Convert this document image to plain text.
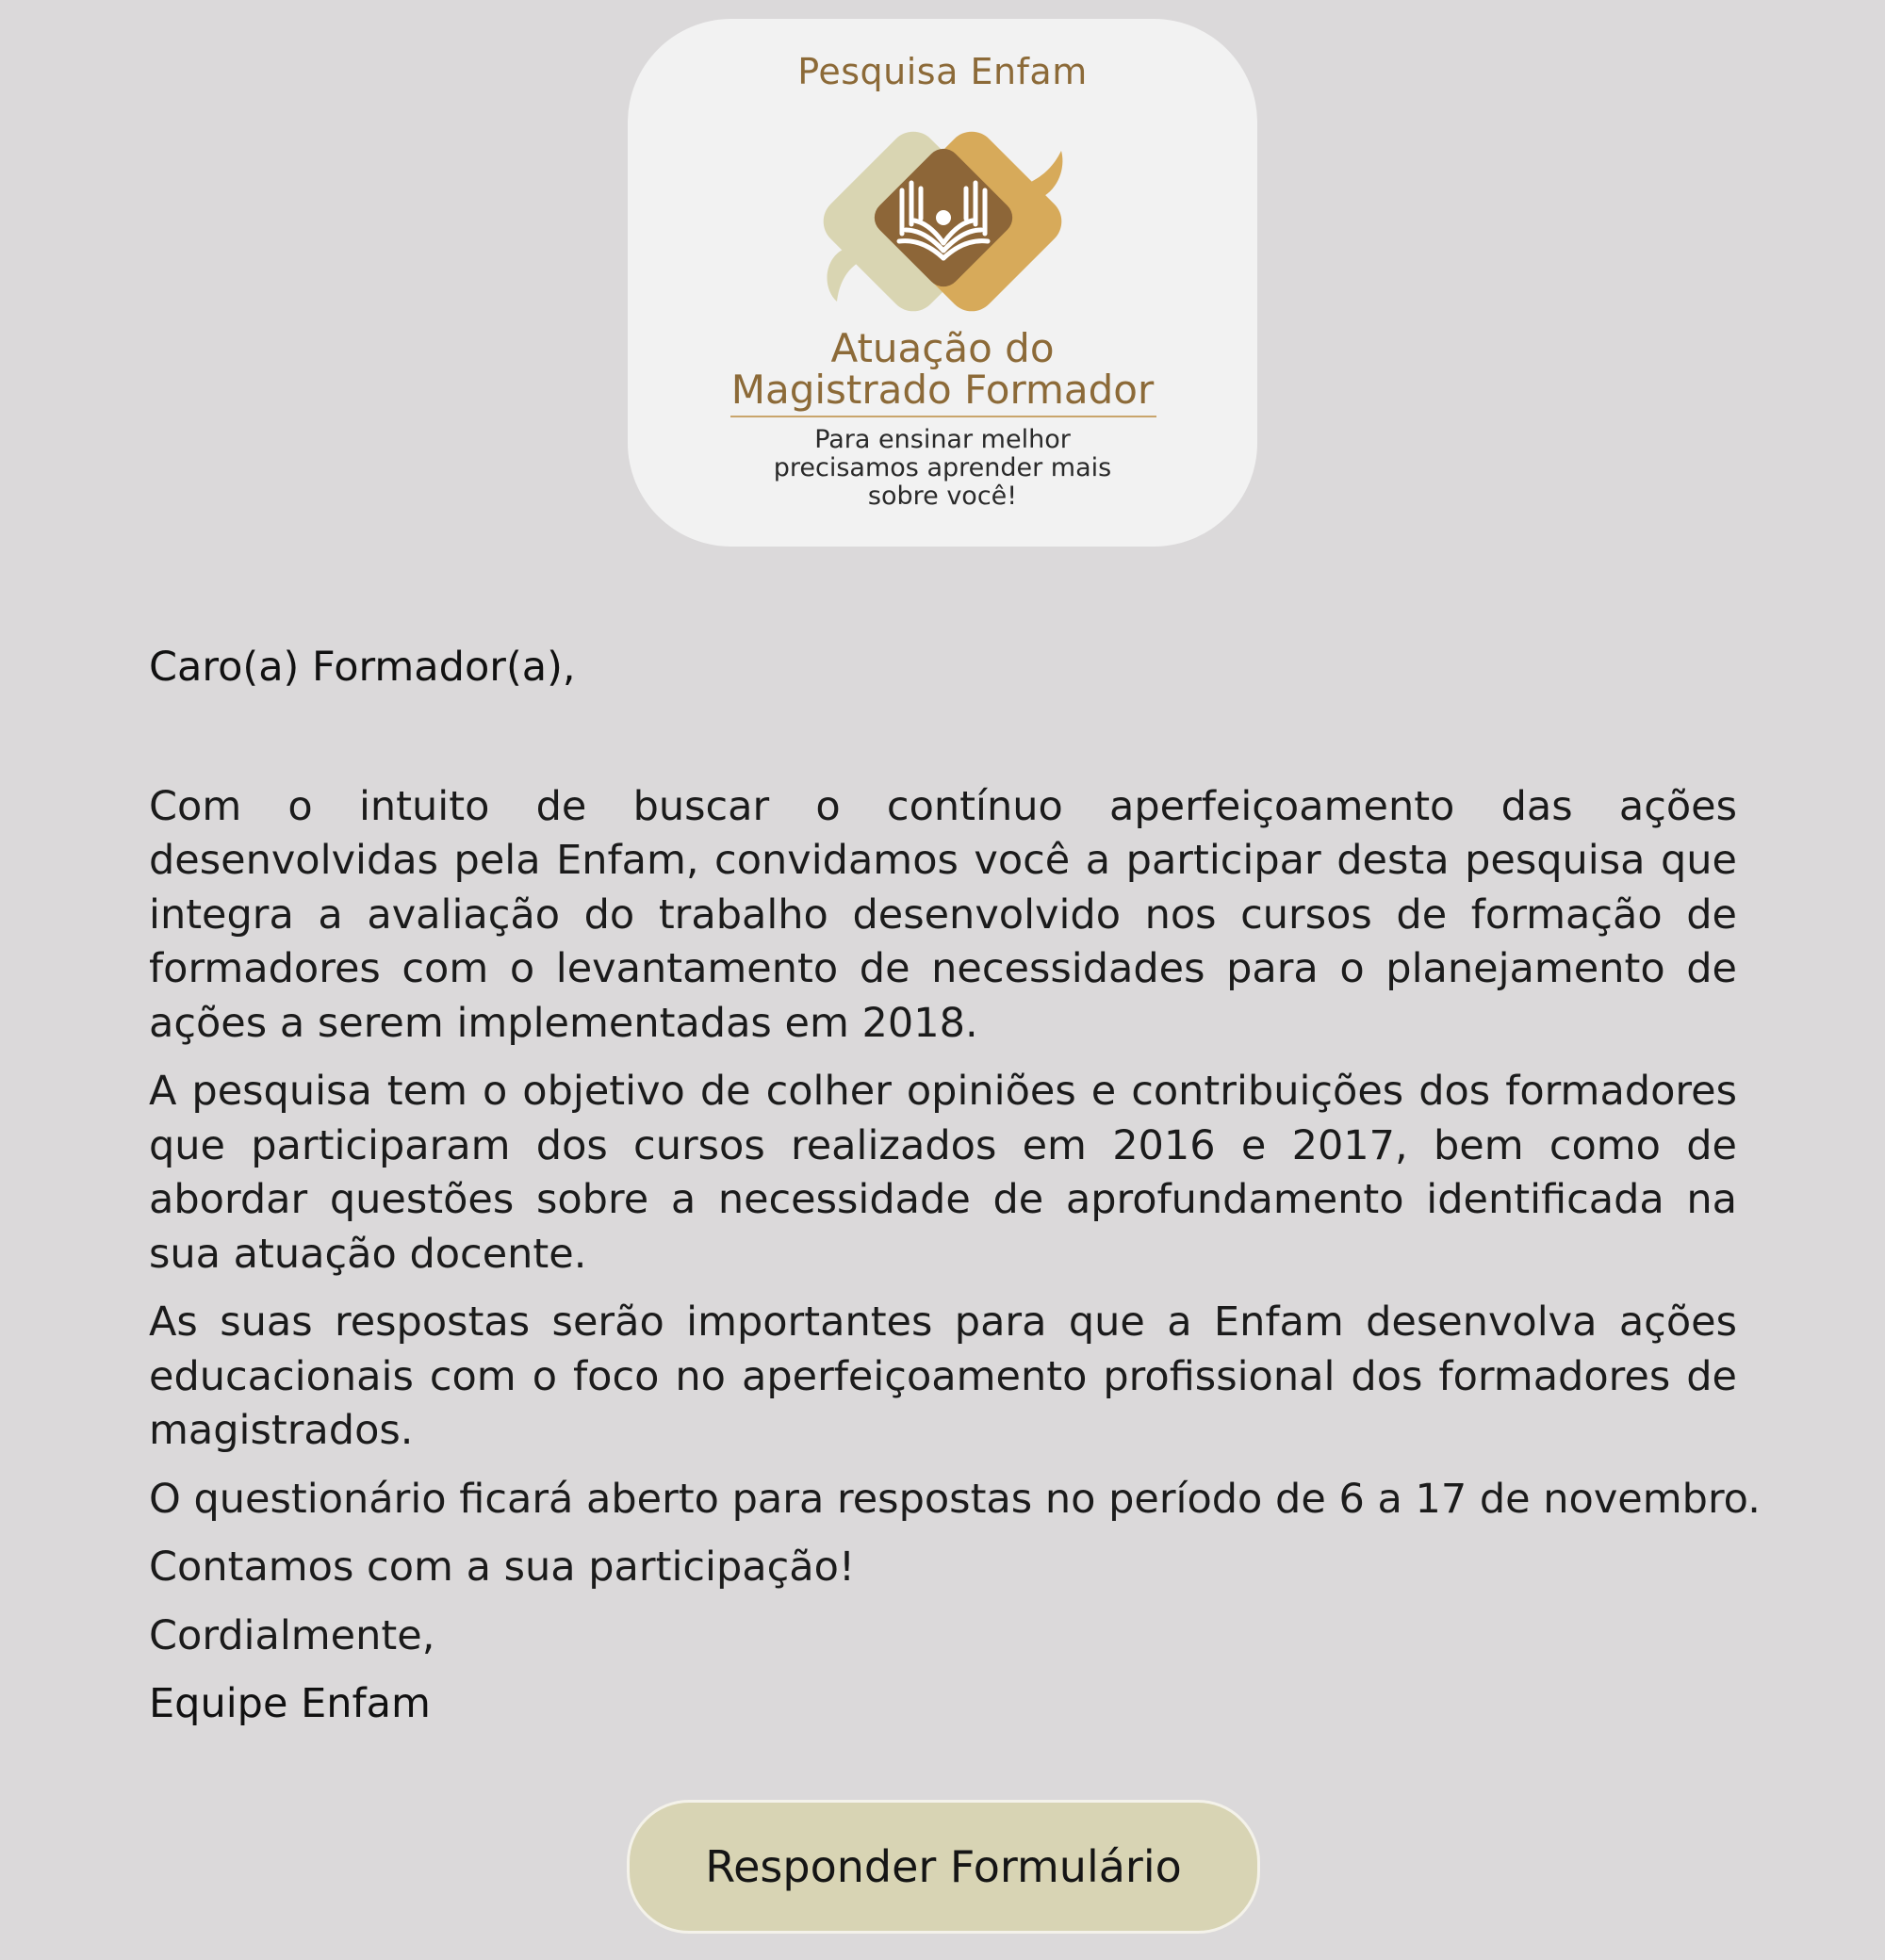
Pesquisa Enfam
Atuação do
Magistrado Formador
Para ensinar melhor
precisamos aprender mais
sobre você!

Caro(a) Formador(a),

Com o intuito de buscar o contínuo aperfeiçoamento das ações desenvolvidas pela Enfam, convidamos você a participar desta pesquisa que integra a avaliação do trabalho desenvolvido nos cursos de formação de formadores com o levantamento de necessidades para o planejamento de ações a serem implementadas em 2018.

A pesquisa tem o objetivo de colher opiniões e contribuições dos formadores que participaram dos cursos realizados em 2016 e 2017, bem como de abordar questões sobre a necessidade de aprofundamento identificada na sua atuação docente.

As suas respostas serão importantes para que a Enfam desenvolva ações educacionais com o foco no aperfeiçoamento profissional dos formadores de magistrados.

O questionário ficará aberto para respostas no período de 6 a 17 de novembro.

Contamos com a sua participação!

Cordialmente,

Equipe Enfam

Responder Formulário
